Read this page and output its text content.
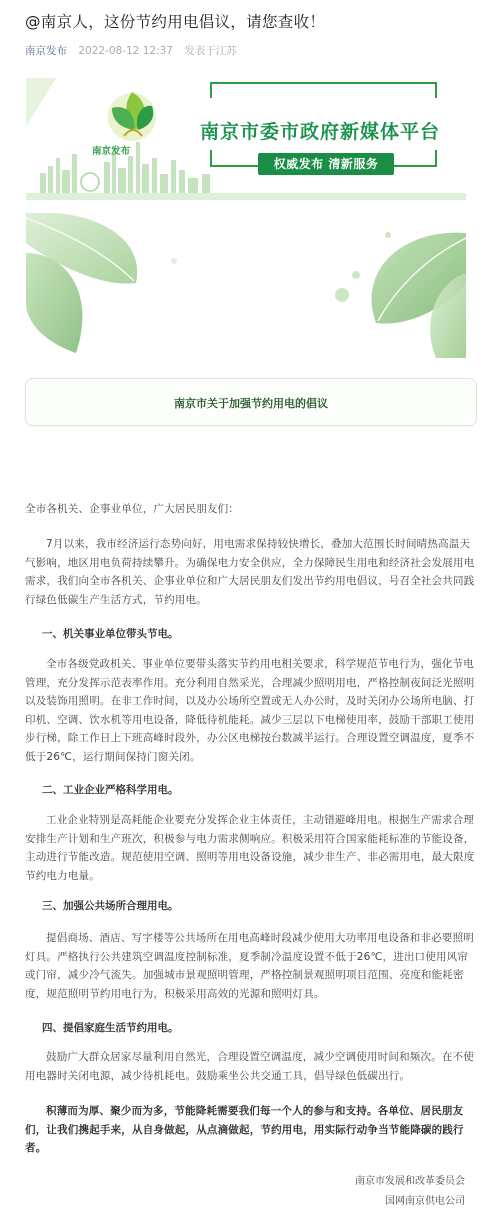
@南京人，这份节约用电倡议，请您查收！
南京发布 2022-08-12 12:37 发表于江苏
南京发布
南京市委市政府新媒体平台
权威发布 清新服务
南京市关于加强节约用电的倡议

全市各机关、企事业单位，广大居民朋友们：

7月以来，我市经济运行态势向好，用电需求保持较快增长，叠加大范围长时间晴热高温天气影响，地区用电负荷持续攀升。为确保电力安全供应，全力保障民生用电和经济社会发展用电需求，我们向全市各机关、企事业单位和广大居民朋友们发出节约用电倡议，号召全社会共同践行绿色低碳生产生活方式，节约用电。

一、机关事业单位带头节电。

全市各级党政机关、事业单位要带头落实节约用电相关要求，科学规范节电行为，强化节电管理，充分发挥示范表率作用。充分利用自然采光，合理减少照明用电，严格控制夜间泛光照明以及装饰用照明。在非工作时间，以及办公场所空置或无人办公时，及时关闭办公场所电脑、打印机、空调、饮水机等用电设备，降低待机能耗。减少三层以下电梯使用率，鼓励干部职工使用步行梯，除工作日上下班高峰时段外，办公区电梯按台数减半运行。合理设置空调温度，夏季不低于26℃，运行期间保持门窗关闭。

二、工业企业严格科学用电。

工业企业特别是高耗能企业要充分发挥企业主体责任，主动错避峰用电。根据生产需求合理安排生产计划和生产班次，积极参与电力需求侧响应。积极采用符合国家能耗标准的节能设备，主动进行节能改造。规范使用空调、照明等用电设备设施，减少非生产、非必需用电，最大限度节约电力电量。

三、加强公共场所合理用电。

提倡商场、酒店、写字楼等公共场所在用电高峰时段减少使用大功率用电设备和非必要照明灯具。严格执行公共建筑空调温度控制标准，夏季制冷温度设置不低于26℃，进出口使用风帘或门帘，减少冷气流失。加强城市景观照明管理，严格控制景观照明项目范围、亮度和能耗密度，规范照明节约用电行为，积极采用高效的光源和照明灯具。

四、提倡家庭生活节约用电。

鼓励广大群众居家尽量利用自然光，合理设置空调温度，减少空调使用时间和频次。在不使用电器时关闭电源，减少待机耗电。鼓励乘坐公共交通工具，倡导绿色低碳出行。

积薄而为厚、聚少而为多，节能降耗需要我们每一个人的参与和支持。各单位、居民朋友们，让我们携起手来，从自身做起，从点滴做起，节约用电，用实际行动争当节能降碳的践行者。

南京市发展和改革委员会
国网南京供电公司
